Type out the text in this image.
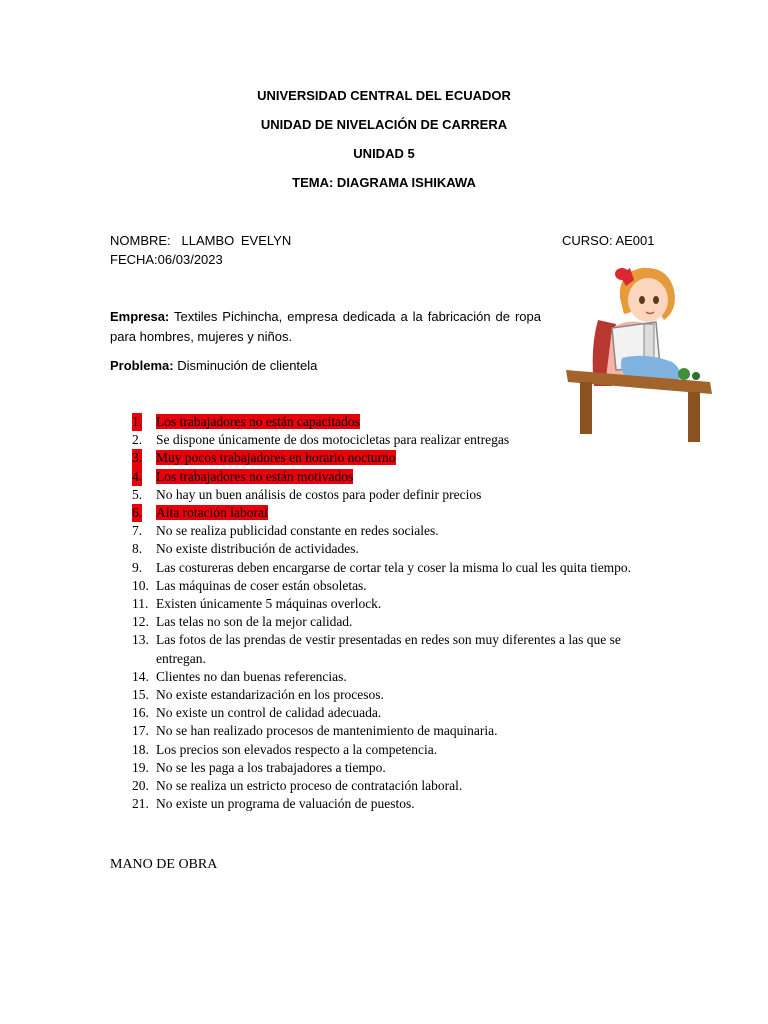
UNIVERSIDAD CENTRAL DEL ECUADOR
UNIDAD DE NIVELACIÓN DE CARRERA
UNIDAD 5
TEMA: DIAGRAMA ISHIKAWA
NOMBRE: LLAMBO EVELYN	CURSO: AE001
FECHA:06/03/2023
Empresa: Textiles Pichincha, empresa dedicada a la fabricación de ropa para hombres, mujeres y niños.
Problema: Disminución de clientela
1. Los trabajadores no están capacitados
2. Se dispone únicamente de dos motocicletas para realizar entregas
3. Muy pocos trabajadores en horario nocturno
4. Los trabajadores no están motivados
5. No hay un buen análisis de costos para poder definir precios
6. Alta rotación laboral
7. No se realiza publicidad constante en redes sociales.
8. No existe distribución de actividades.
9. Las costureras deben encargarse de cortar tela y coser la misma lo cual les quita tiempo.
10. Las máquinas de coser están obsoletas.
11. Existen únicamente 5 máquinas overlock.
12. Las telas no son de la mejor calidad.
13. Las fotos de las prendas de vestir presentadas en redes son muy diferentes a las que se entregan.
14. Clientes no dan buenas referencias.
15. No existe estandarización en los procesos.
16. No existe un control de calidad adecuada.
17. No se han realizado procesos de mantenimiento de maquinaria.
18. Los precios son elevados respecto a la competencia.
19. No se les paga a los trabajadores a tiempo.
20. No se realiza un estricto proceso de contratación laboral.
21. No existe un programa de valuación de puestos.
MANO DE OBRA
